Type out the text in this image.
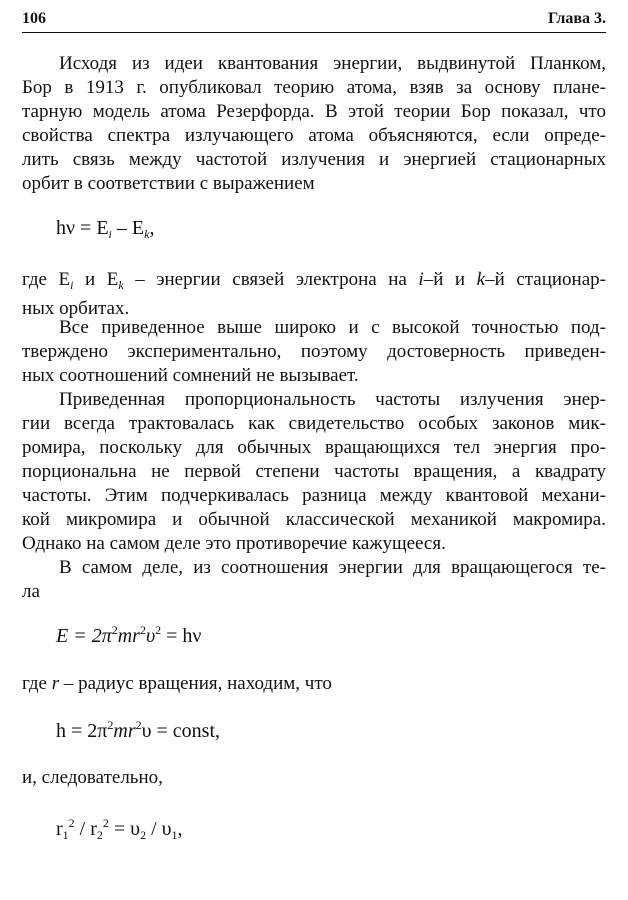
106	Глава 3.
Исходя из идеи квантования энергии, выдвинутой Планком,
Бор в 1913 г. опубликовал теорию атома, взяв за основу плане-
тарную модель атома Резерфорда. В этой теории Бор показал, что
свойства спектра излучающего атома объясняются, если опреде-
лить связь между частотой излучения и энергией стационарных
орбит в соответствии с выражением
$h\nu = E_i - E_k$,
где $E_i$ и $E_k$ – энергии связей электрона на i–й и k–й стационар-
ных орбитах.
Все приведенное выше широко и с высокой точностью под-
тверждено экспериментально, поэтому достоверность приведен-
ных соотношений сомнений не вызывает.
Приведенная пропорциональность частоты излучения энер-
гии всегда трактовалась как свидетельство особых законов мик-
ромира, поскольку для обычных вращающихся тел энергия про-
порциональна не первой степени частоты вращения, а квадрату
частоты. Этим подчеркивалась разница между квантовой механи-
кой микромира и обычной классической механикой макромира.
Однако на самом деле это противоречие кажущееся.
В самом деле, из соотношения энергии для вращающегося те-
ла
$E = 2\pi^2mr^2\upsilon^2 = h\nu$
где r – радиус вращения, находим, что
$h = 2\pi^2mr^2\upsilon$ = const,
и, следовательно,
$r_1^2 / r_2^2 = \upsilon_2 / \upsilon_1$,
